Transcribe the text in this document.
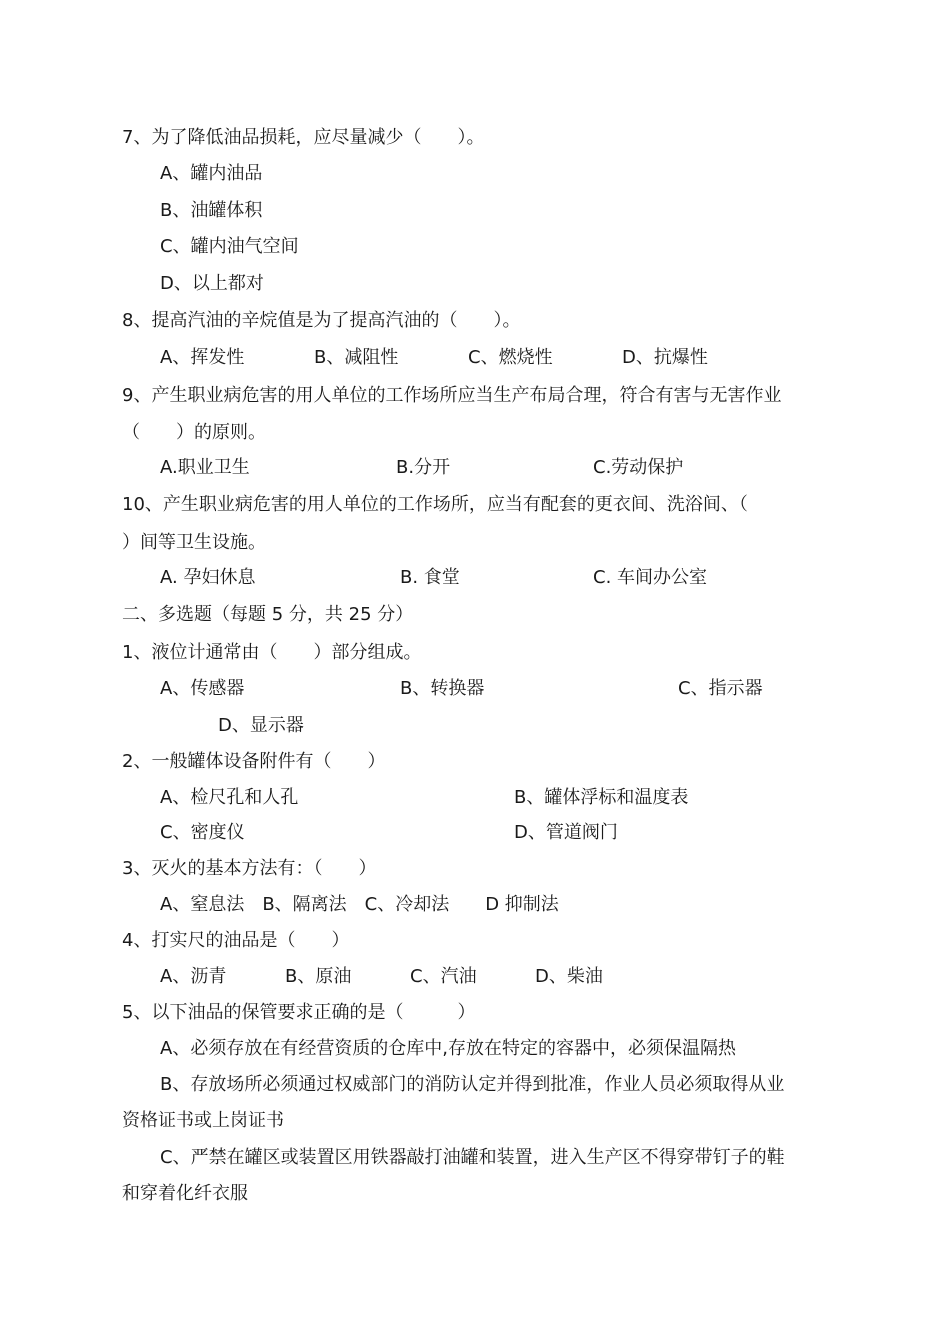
7、为了降低油品损耗，应尽量减少（　　）。
A、罐内油品
B、油罐体积
C、罐内油气空间
D、以上都对
8、提高汽油的辛烷值是为了提高汽油的（　　）。
A、挥发性	B、减阻性	C、燃烧性	D、抗爆性
9、产生职业病危害的用人单位的工作场所应当生产布局合理，符合有害与无害作业
（　　）的原则。
A.职业卫生	B.分开	C.劳动保护
10、产生职业病危害的用人单位的工作场所，应当有配套的更衣间、洗浴间、（
）间等卫生设施。
A. 孕妇休息	B. 食堂	C. 车间办公室
二、多选题（每题 5 分，共 25 分）
1、液位计通常由（　　）部分组成。
A、传感器	B、转换器	C、指示器
D、显示器
2、一般罐体设备附件有（　　）
A、检尺孔和人孔	B、罐体浮标和温度表
C、密度仪	D、管道阀门
3、灭火的基本方法有：（　　）
A、窒息法　B、隔离法　C、冷却法　　D 抑制法
4、打实尺的油品是（　　）
A、沥青	B、原油	C、汽油	D、柴油
5、以下油品的保管要求正确的是（　　　）
A、必须存放在有经营资质的仓库中,存放在特定的容器中，必须保温隔热
B、存放场所必须通过权威部门的消防认定并得到批准，作业人员必须取得从业
资格证书或上岗证书
C、严禁在罐区或装置区用铁器敲打油罐和装置，进入生产区不得穿带钉子的鞋
和穿着化纤衣服
